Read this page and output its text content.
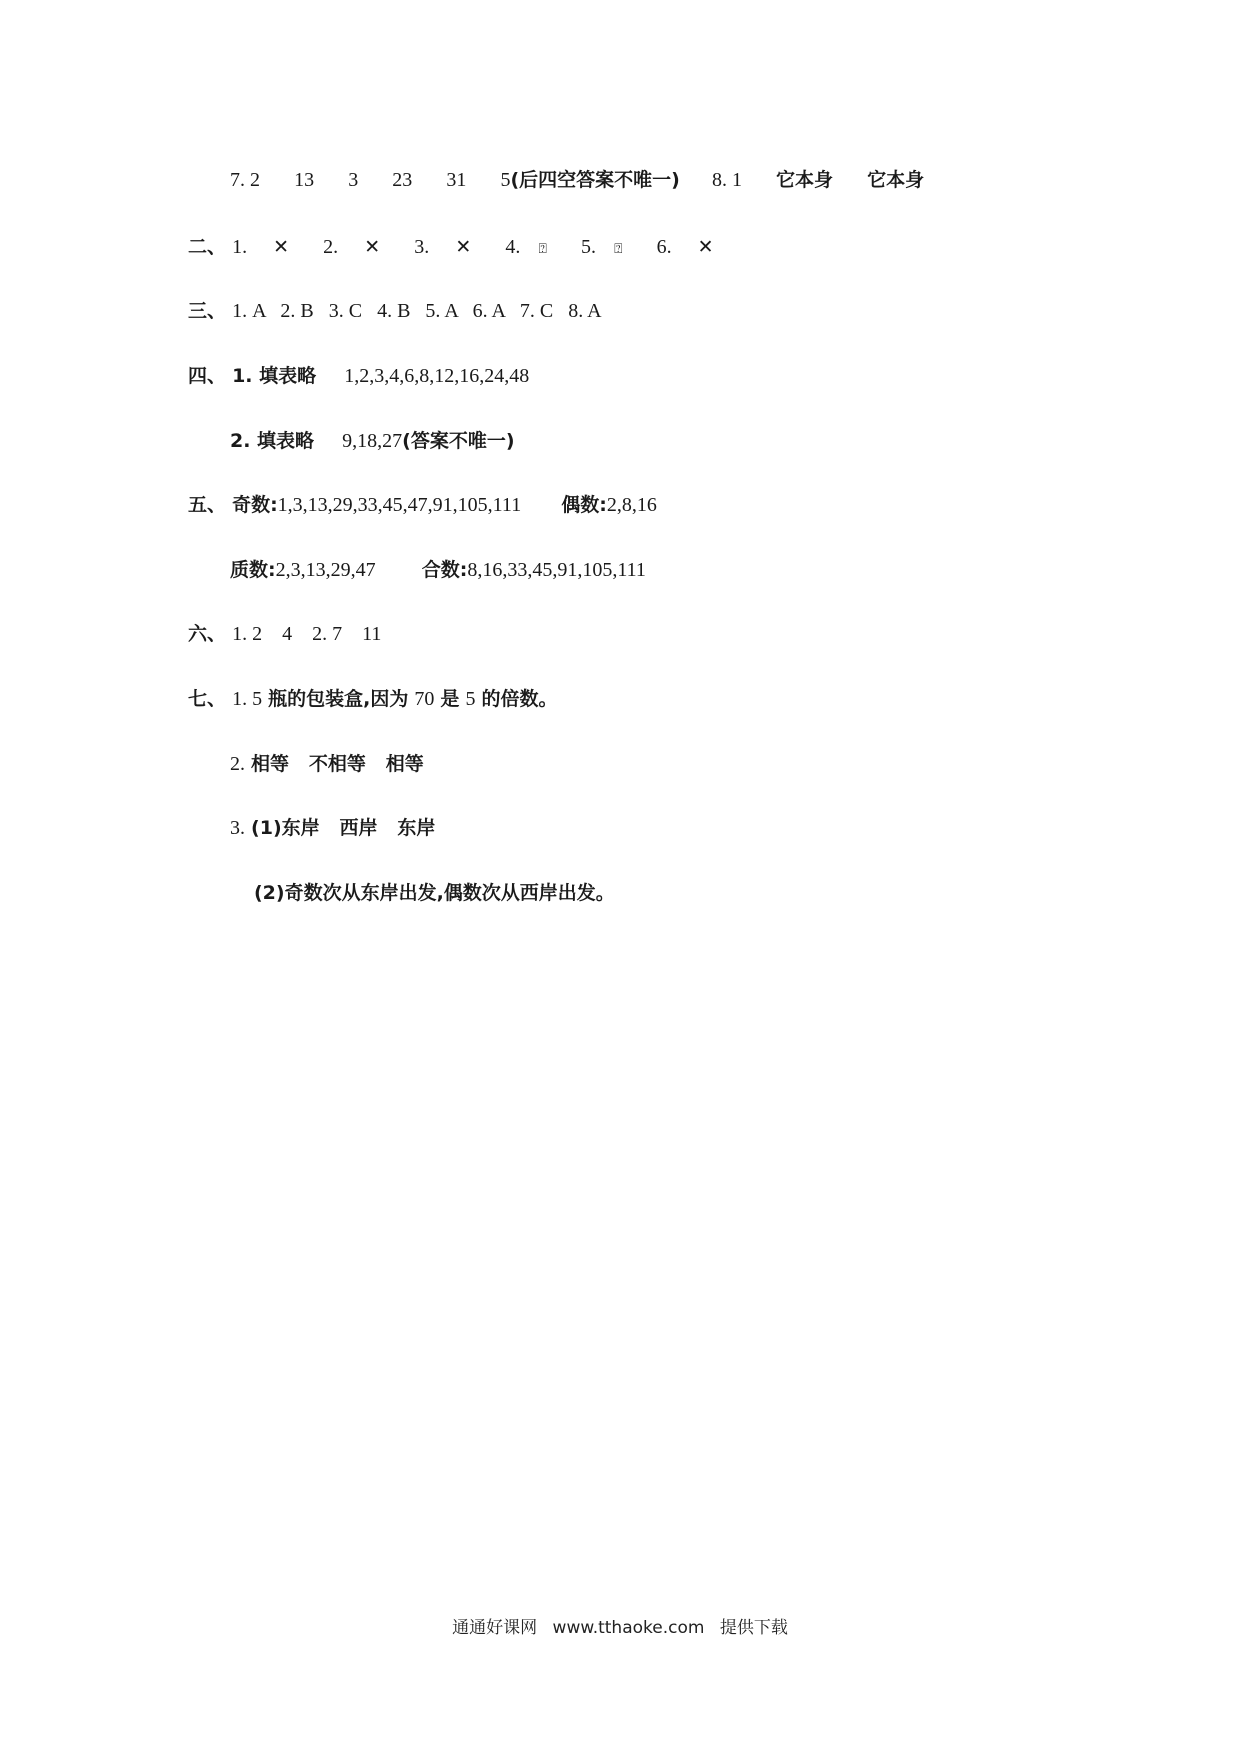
7. 2 13 3 23 31 5(后四空答案不唯一) 8. 1 它本身 它本身
二、 1. ✕ 2. ✕ 3. ✕ 4. ⍰ 5. ⍰ 6. ✕
三、 1. A   2. B   3. C   4. B   5. A   6. A   7. C   8. A
四、 1. 填表略 1,2,3,4,6,8,12,16,24,48
2. 填表略 9,18,27(答案不唯一)
五、 奇数:1,3,13,29,33,45,47,91,105,111 偶数:2,8,16
质数:2,3,13,29,47 合数:8,16,33,45,91,105,111
六、 1. 2    4    2. 7    11
七、 1. 5 瓶的包装盒,因为 70 是 5 的倍数。
2. 相等   不相等   相等
3. (1)东岸   西岸   东岸
(2)奇数次从东岸出发,偶数次从西岸出发。
通通好课网 www.tthaoke.com 提供下载
